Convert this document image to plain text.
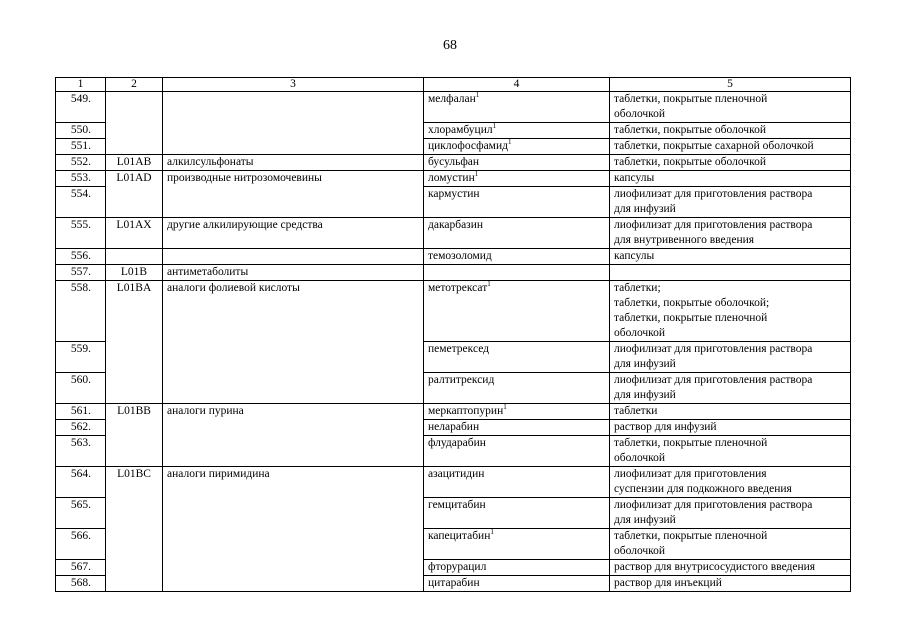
68
1	2	3	4	5
549.			мелфалан$^1$	таблетки, покрытые пленочной
оболочкой

550.			хлорамбуцил$^1$	таблетки, покрытые оболочкой

551.			циклофосфамид$^1$	таблетки, покрытые сахарной оболочкой

552.	L01AB	алкилсульфонаты	бусульфан	таблетки, покрытые оболочкой

553.	L01AD	производные нитрозомочевины	ломустин$^1$	капсулы

554.			кармустин	лиофилизат для приготовления раствора
для инфузий

555.	L01AX	другие алкилирующие средства	дакарбазин	лиофилизат для приготовления раствора
для внутривенного введения

556.			темозоломид	капсулы

557.	L01B	антиметаболиты		
558.	L01BA	аналоги фолиевой кислоты	метотрексат$^1$	таблетки;
таблетки, покрытые оболочкой;
таблетки, покрытые пленочной
оболочкой

559.			пеметрексед	лиофилизат для приготовления раствора
для инфузий

560.			ралтитрексид	лиофилизат для приготовления раствора
для инфузий

561.	L01BB	аналоги пурина	меркаптопурин$^1$	таблетки

562.			неларабин	раствор для инфузий

563.			флударабин	таблетки, покрытые пленочной
оболочкой

564.	L01BC	аналоги пиримидина	азацитидин	лиофилизат для приготовления
суспензии для подкожного введения

565.			гемцитабин	лиофилизат для приготовления раствора
для инфузий

566.			капецитабин$^1$	таблетки, покрытые пленочной
оболочкой

567.			фторурацил	раствор для внутрисосудистого введения

568.			цитарабин	раствор для инъекций
